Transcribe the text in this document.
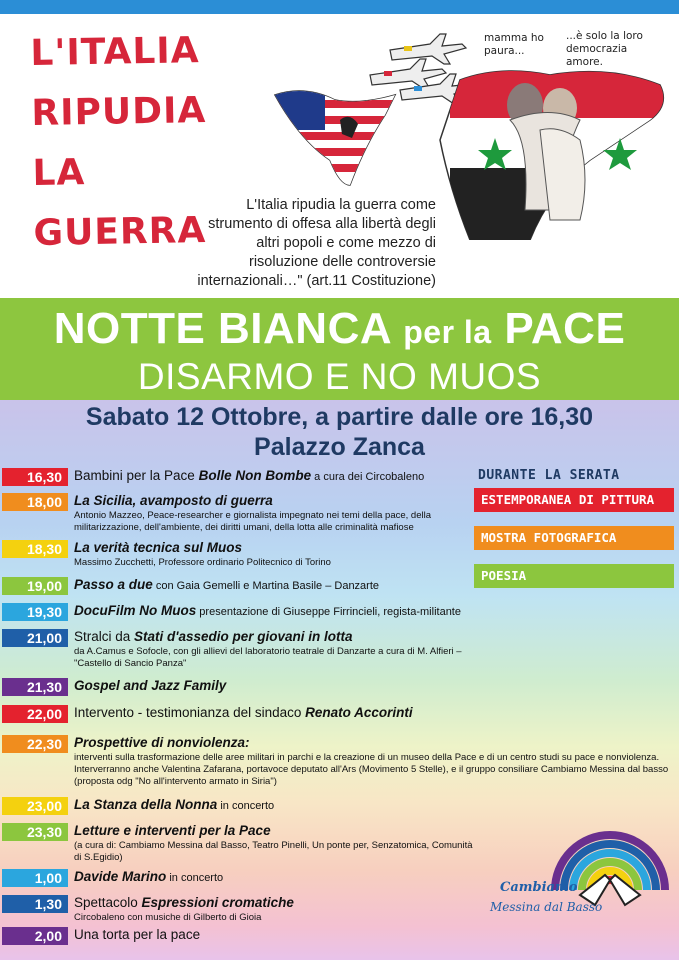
L'ITALIA RIPUDIA LA GUERRA
mamma ho paura...
...è solo la loro democrazia amore.
L'Italia ripudia la guerra come strumento di offesa alla libertà degli altri popoli e come mezzo di risoluzione delle controversie internazionali…" (art.11 Costituzione)
NOTTE BIANCA per la PACE
DISARMO E NO MUOS
Sabato 12 Ottobre, a partire dalle ore 16,30
Palazzo Zanca
16,30 Bambini per la Pace Bolle Non Bombe a cura dei Circobaleno
18,00 La Sicilia, avamposto di guerra
Antonio Mazzeo, Peace-researcher e giornalista impegnato nei temi della pace, della militarizzazione, dell'ambiente, dei diritti umani, della lotta alle criminalità mafiose
18,30 La verità tecnica sul Muos
Massimo Zucchetti, Professore ordinario Politecnico di Torino
19,00 Passo a due con Gaia Gemelli e Martina Basile – Danzarte
19,30 DocuFilm No Muos presentazione di Giuseppe Firrincieli, regista-militante
21,00 Stralci da Stati d'assedio per giovani in lotta
da A.Camus e Sofocle, con gli allievi del laboratorio teatrale di Danzarte a cura di M. Alfieri – "Castello di Sancio Panza"
21,30 Gospel and Jazz Family
22,00 Intervento - testimonianza del sindaco Renato Accorinti
22,30 Prospettive di nonviolenza:
interventi sulla trasformazione delle aree militari in parchi e la creazione di un museo della Pace e di un centro studi su pace e nonviolenza. Interverranno anche Valentina Zafarana, portavoce deputato all'Ars (Movimento 5 Stelle), e il gruppo consiliare Cambiamo Messina dal basso (proposta odg "No all'intervento armato in Siria")
23,00 La Stanza della Nonna in concerto
23,30 Letture e interventi per la Pace
(a cura di: Cambiamo Messina dal Basso, Teatro Pinelli, Un ponte per, Senzatomica, Comunità di S.Egidio)
1,00 Davide Marino in concerto
1,30 Spettacolo Espressioni cromatiche
Circobaleno con musiche di Gilberto di Gioia
2,00 Una torta per la pace
DURANTE LA SERATA
ESTEMPORANEA DI PITTURA
MOSTRA FOTOGRAFICA
POESIA
Cambiamo
Messina dal Basso
